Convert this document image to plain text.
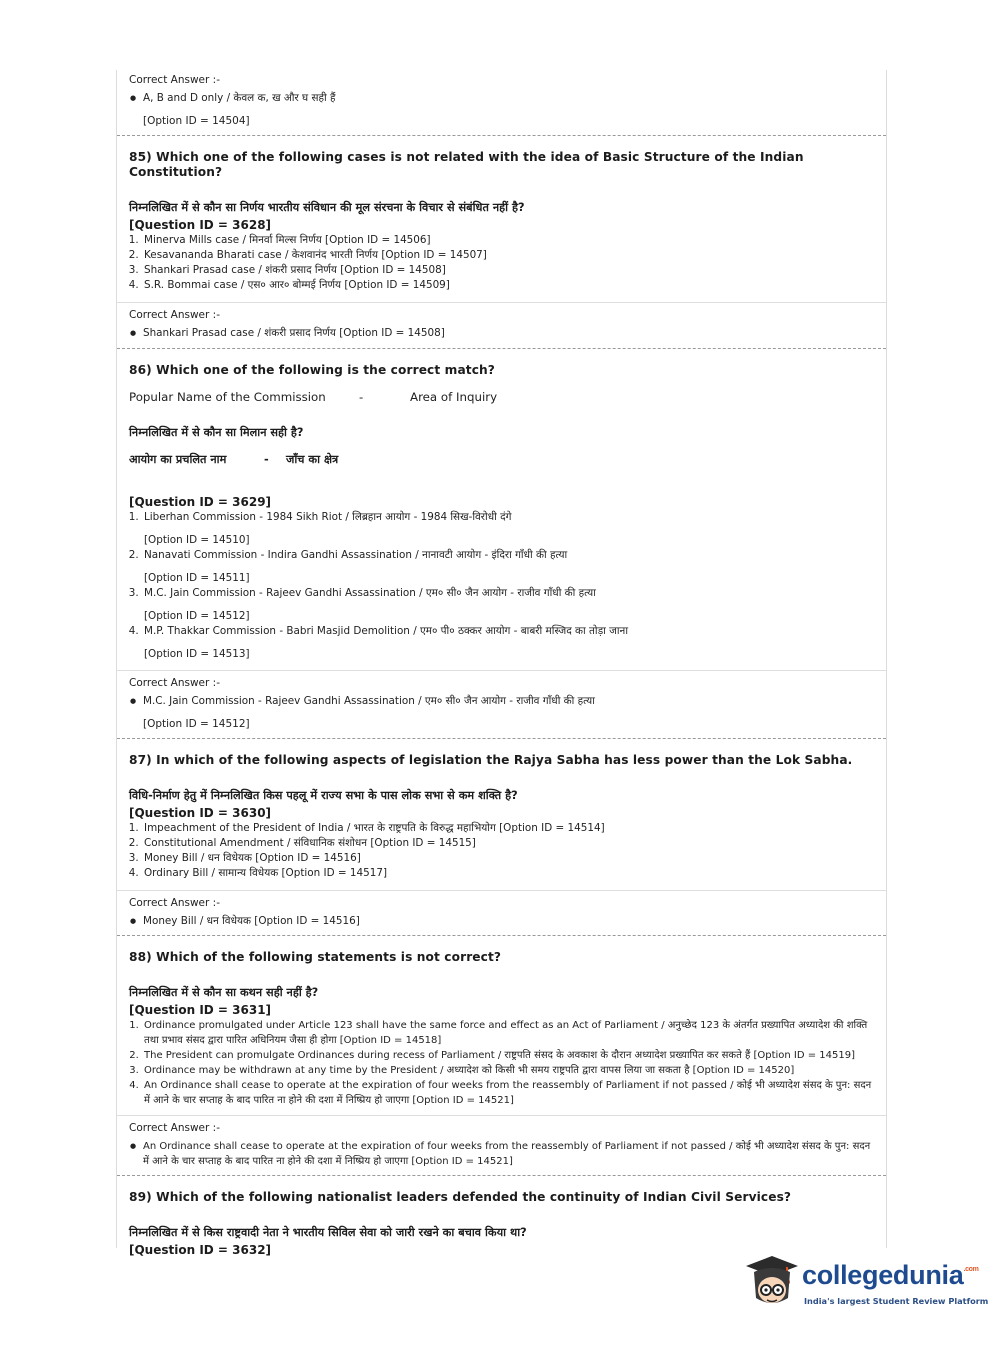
Correct Answer :-
● A, B and D only / केवल क, ख और घ सही हैं
[Option ID = 14504]
85) Which one of the following cases is not related with the idea of Basic Structure of the Indian Constitution?
निम्नलिखित में से कौन सा निर्णय भारतीय संविधान की मूल संरचना के विचार से संबंधित नहीं है?
[Question ID = 3628]
1. Minerva Mills case / मिनर्वा मिल्स निर्णय [Option ID = 14506]
2. Kesavananda Bharati case / केशवानंद भारती निर्णय [Option ID = 14507]
3. Shankari Prasad case / शंकरी प्रसाद निर्णय [Option ID = 14508]
4. S.R. Bommai case / एस० आर० बोम्मई निर्णय [Option ID = 14509]
Correct Answer :-
● Shankari Prasad case / शंकरी प्रसाद निर्णय [Option ID = 14508]
86) Which one of the following is the correct match?
Popular Name of the Commission	-	Area of Inquiry
निम्नलिखित में से कौन सा मिलान सही है?
आयोग का प्रचलित नाम	-	जाँच का क्षेत्र
[Question ID = 3629]
1. Liberhan Commission - 1984 Sikh Riot / लिब्रहान आयोग - 1984 सिख-विरोधी दंगे
[Option ID = 14510]
2. Nanavati Commission - Indira Gandhi Assassination / नानावटी आयोग - इंदिरा गाँधी की हत्या
[Option ID = 14511]
3. M.C. Jain Commission - Rajeev Gandhi Assassination / एम० सी० जैन आयोग - राजीव गाँधी की हत्या
[Option ID = 14512]
4. M.P. Thakkar Commission - Babri Masjid Demolition / एम० पी० ठक्कर आयोग - बाबरी मस्जिद का तोड़ा जाना
[Option ID = 14513]
Correct Answer :-
● M.C. Jain Commission - Rajeev Gandhi Assassination / एम० सी० जैन आयोग - राजीव गाँधी की हत्या
[Option ID = 14512]
87) In which of the following aspects of legislation the Rajya Sabha has less power than the Lok Sabha.
विधि-निर्माण हेतु में निम्नलिखित किस पहलू में राज्य सभा के पास लोक सभा से कम शक्ति है?
[Question ID = 3630]
1. Impeachment of the President of India / भारत के राष्ट्रपति के विरुद्ध महाभियोग [Option ID = 14514]
2. Constitutional Amendment / संविधानिक संशोधन [Option ID = 14515]
3. Money Bill / धन विधेयक [Option ID = 14516]
4. Ordinary Bill / सामान्य विधेयक [Option ID = 14517]
Correct Answer :-
● Money Bill / धन विधेयक [Option ID = 14516]
88) Which of the following statements is not correct?
निम्नलिखित में से कौन सा कथन सही नहीं है?
[Question ID = 3631]
1. Ordinance promulgated under Article 123 shall have the same force and effect as an Act of Parliament / अनुच्छेद 123 के अंतर्गत प्रख्यापित अध्यादेश की शक्ति तथा प्रभाव संसद द्वारा पारित अधिनियम जैसा ही होगा [Option ID = 14518]
2. The President can promulgate Ordinances during recess of Parliament / राष्ट्रपति संसद के अवकाश के दौरान अध्यादेश प्रख्यापित कर सकते हैं [Option ID = 14519]
3. Ordinance may be withdrawn at any time by the President / अध्यादेश को किसी भी समय राष्ट्रपति द्वारा वापस लिया जा सकता है [Option ID = 14520]
4. An Ordinance shall cease to operate at the expiration of four weeks from the reassembly of Parliament if not passed / कोई भी अध्यादेश संसद के पुन: सदन में आने के चार सप्ताह के बाद पारित ना होने की दशा में निष्प्रिय हो जाएगा [Option ID = 14521]
Correct Answer :-
● An Ordinance shall cease to operate at the expiration of four weeks from the reassembly of Parliament if not passed / कोई भी अध्यादेश संसद के पुन: सदन में आने के चार सप्ताह के बाद पारित ना होने की दशा में निष्प्रिय हो जाएगा [Option ID = 14521]
89) Which of the following nationalist leaders defended the continuity of Indian Civil Services?
निम्नलिखित में से किस राष्ट्रवादी नेता ने भारतीय सिविल सेवा को जारी रखने का बचाव किया था?
[Question ID = 3632]
collegedunia$^{.com}$
India's largest Student Review Platform
